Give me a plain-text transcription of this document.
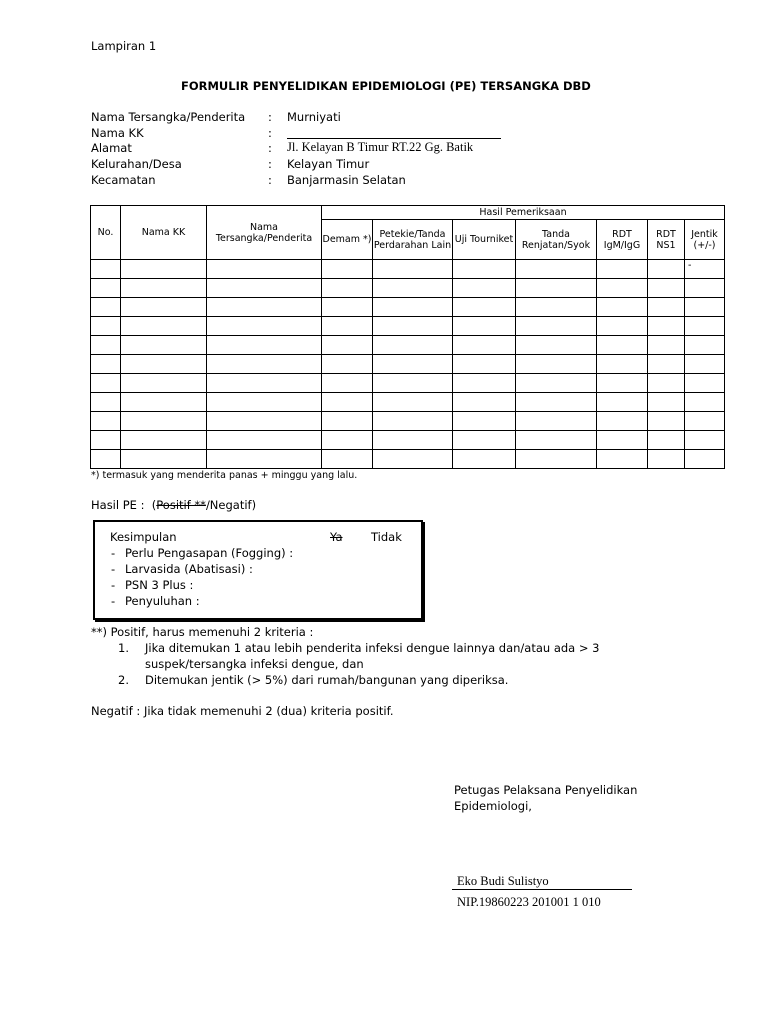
Lampiran 1
FORMULIR PENYELIDIKAN EPIDEMIOLOGI (PE) TERSANGKA DBD
Nama Tersangka/Penderita : Murniyati
Nama KK	:
Alamat	: Jl. Kelayan B Timur RT.22 Gg. Batik
Kelurahan/Desa	: Kelayan Timur
Kecamatan	: Banjarmasin Selatan
No.	Nama KK	Nama Tersangka/Penderita	Hasil Pemeriksaan						
			Demam *)	Petekie/Tanda Perdarahan Lain	Uji Tourniket	Tanda Renjatan/Syok	RDT IgM/IgG	RDT NS1	Jentik (+/-)
									-

*) termasuk yang menderita panas + minggu yang lalu.
Hasil PE : (Positif **/Negatif)
Kesimpulan	Ya Tidak
- Perlu Pengasapan (Fogging) :
- Larvasida (Abatisasi) :
- PSN 3 Plus :
- Penyuluhan :
**) Positif, harus memenuhi 2 kriteria :
1. Jika ditemukan 1 atau lebih penderita infeksi dengue lainnya dan/atau ada > 3
suspek/tersangka infeksi dengue, dan
2. Ditemukan jentik (> 5%) dari rumah/bangunan yang diperiksa.
Negatif : Jika tidak memenuhi 2 (dua) kriteria positif.
Petugas Pelaksana Penyelidikan
Epidemiologi,
Eko Budi Sulistyo
NIP.19860223 201001 1 010
